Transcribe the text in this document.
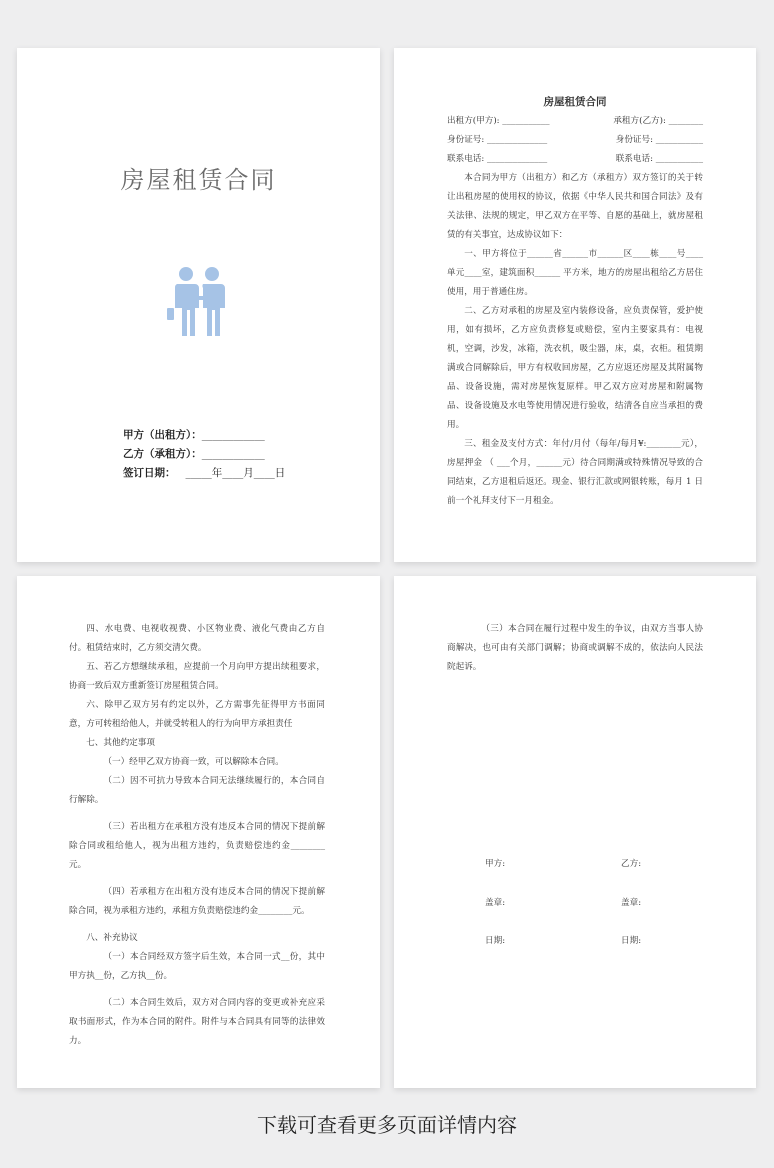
房屋租赁合同
甲方（出租方）：____________
乙方（承租方）：____________
签订日期： _____年____月____日
房屋租赁合同
出租方(甲方): ___________	承租方(乙方): ________
身份证号: ______________	身份证号: ___________
联系电话: ______________	联系电话: ___________

本合同为甲方（出租方）和乙方（承租方）双方签订的关于转让出租房屋的使用权的协议，依据《中华人民共和国合同法》及有关法律、法规的规定，甲乙双方在平等、自愿的基础上，就房屋租赁的有关事宜，达成协议如下：

一、甲方将位于______省______市______区____栋____号____单元____室，建筑面积______ 平方米，地方的房屋出租给乙方居住使用，用于普通住房。

二、乙方对承租的房屋及室内装修设备，应负责保管，爱护使用，如有损坏，乙方应负责修复或赔偿，室内主要家具有：电视机，空调，沙发，冰箱，洗衣机，吸尘器，床，桌，衣柜。租赁期满或合同解除后，甲方有权收回房屋，乙方应返还房屋及其附属物品、设备设施，需对房屋恢复原样。甲乙双方应对房屋和附属物品、设备设施及水电等使用情况进行验收，结清各自应当承担的费用。

三、租金及支付方式：年付/月付（每年/每月¥:________元），房屋押金 （ ___个月，______元）待合同期满或特殊情况导致的合同结束，乙方退租后返还。现金、银行汇款或网银转账，每月 1 日前一个礼拜支付下一月租金。

四、水电费、电视收视费、小区物业费、液化气费由乙方自付。租赁结束时，乙方须交清欠费。

五、若乙方想继续承租，应提前一个月向甲方提出续租要求，协商一致后双方重新签订房屋租赁合同。

六、除甲乙双方另有约定以外，乙方需事先征得甲方书面同意，方可转租给他人，并就受转租人的行为向甲方承担责任

七、其他约定事项

（一）经甲乙双方协商一致，可以解除本合同。

（二）因不可抗力导致本合同无法继续履行的，本合同自行解除。

（三）若出租方在承租方没有违反本合同的情况下提前解除合同或租给他人，视为出租方违约，负责赔偿违约金________元。

（四）若承租方在出租方没有违反本合同的情况下提前解除合同，视为承租方违约，承租方负责赔偿违约金________元。

八、补充协议

（一）本合同经双方签字后生效，本合同一式__份，其中甲方执__份，乙方执__份。

（二）本合同生效后，双方对合同内容的变更或补充应采取书面形式，作为本合同的附件。附件与本合同具有同等的法律效力。

（三）本合同在履行过程中发生的争议，由双方当事人协商解决，也可由有关部门调解；协商或调解不成的，依法向人民法院起诉。

甲方:	乙方:
盖章:	盖章:
日期:	日期:
下载可查看更多页面详情内容
